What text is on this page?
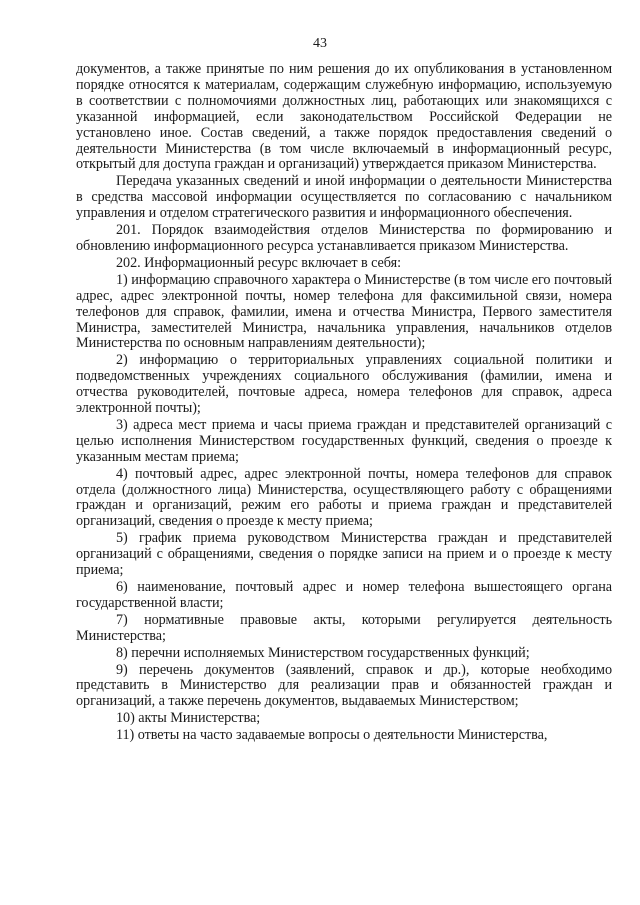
43

документов, а также принятые по ним решения до их опубликования в установленном порядке относятся к материалам, содержащим служебную информацию, используемую в соответствии с полномочиями должностных лиц, работающих или знакомящихся с указанной информацией, если законодательством Российской Федерации не установлено иное. Состав сведений, а также порядок предоставления сведений о деятельности Министерства (в том числе включаемый в информационный ресурс, открытый для доступа граждан и организаций) утверждается приказом Министерства.

Передача указанных сведений и иной информации о деятельности Министерства в средства массовой информации осуществляется по согласованию с начальником управления и отделом стратегического развития и информационного обеспечения.

201. Порядок взаимодействия отделов Министерства по формированию и обновлению информационного ресурса устанавливается приказом Министерства.

202. Информационный ресурс включает в себя:

1) информацию справочного характера о Министерстве (в том числе его почтовый адрес, адрес электронной почты, номер телефона для факсимильной связи, номера телефонов для справок, фамилии, имена и отчества Министра, Первого заместителя Министра, заместителей Министра, начальника управления, начальников отделов Министерства по основным направлениям деятельности);

2) информацию о территориальных управлениях социальной политики и подведомственных учреждениях социального обслуживания (фамилии, имена и отчества руководителей, почтовые адреса, номера телефонов для справок, адреса электронной почты);

3) адреса мест приема и часы приема граждан и представителей организаций с целью исполнения Министерством государственных функций, сведения о проезде к указанным местам приема;

4) почтовый адрес, адрес электронной почты, номера телефонов для справок отдела (должностного лица) Министерства, осуществляющего работу с обращениями граждан и организаций, режим его работы и приема граждан и представителей организаций, сведения о проезде к месту приема;

5) график приема руководством Министерства граждан и представителей организаций с обращениями, сведения о порядке записи на прием и о проезде к месту приема;

6) наименование, почтовый адрес и номер телефона вышестоящего органа государственной власти;

7) нормативные правовые акты, которыми регулируется деятельность Министерства;

8) перечни исполняемых Министерством государственных функций;

9) перечень документов (заявлений, справок и др.), которые необходимо представить в Министерство для реализации прав и обязанностей граждан и организаций, а также перечень документов, выдаваемых Министерством;

10) акты Министерства;

11) ответы на часто задаваемые вопросы о деятельности Министерства,
